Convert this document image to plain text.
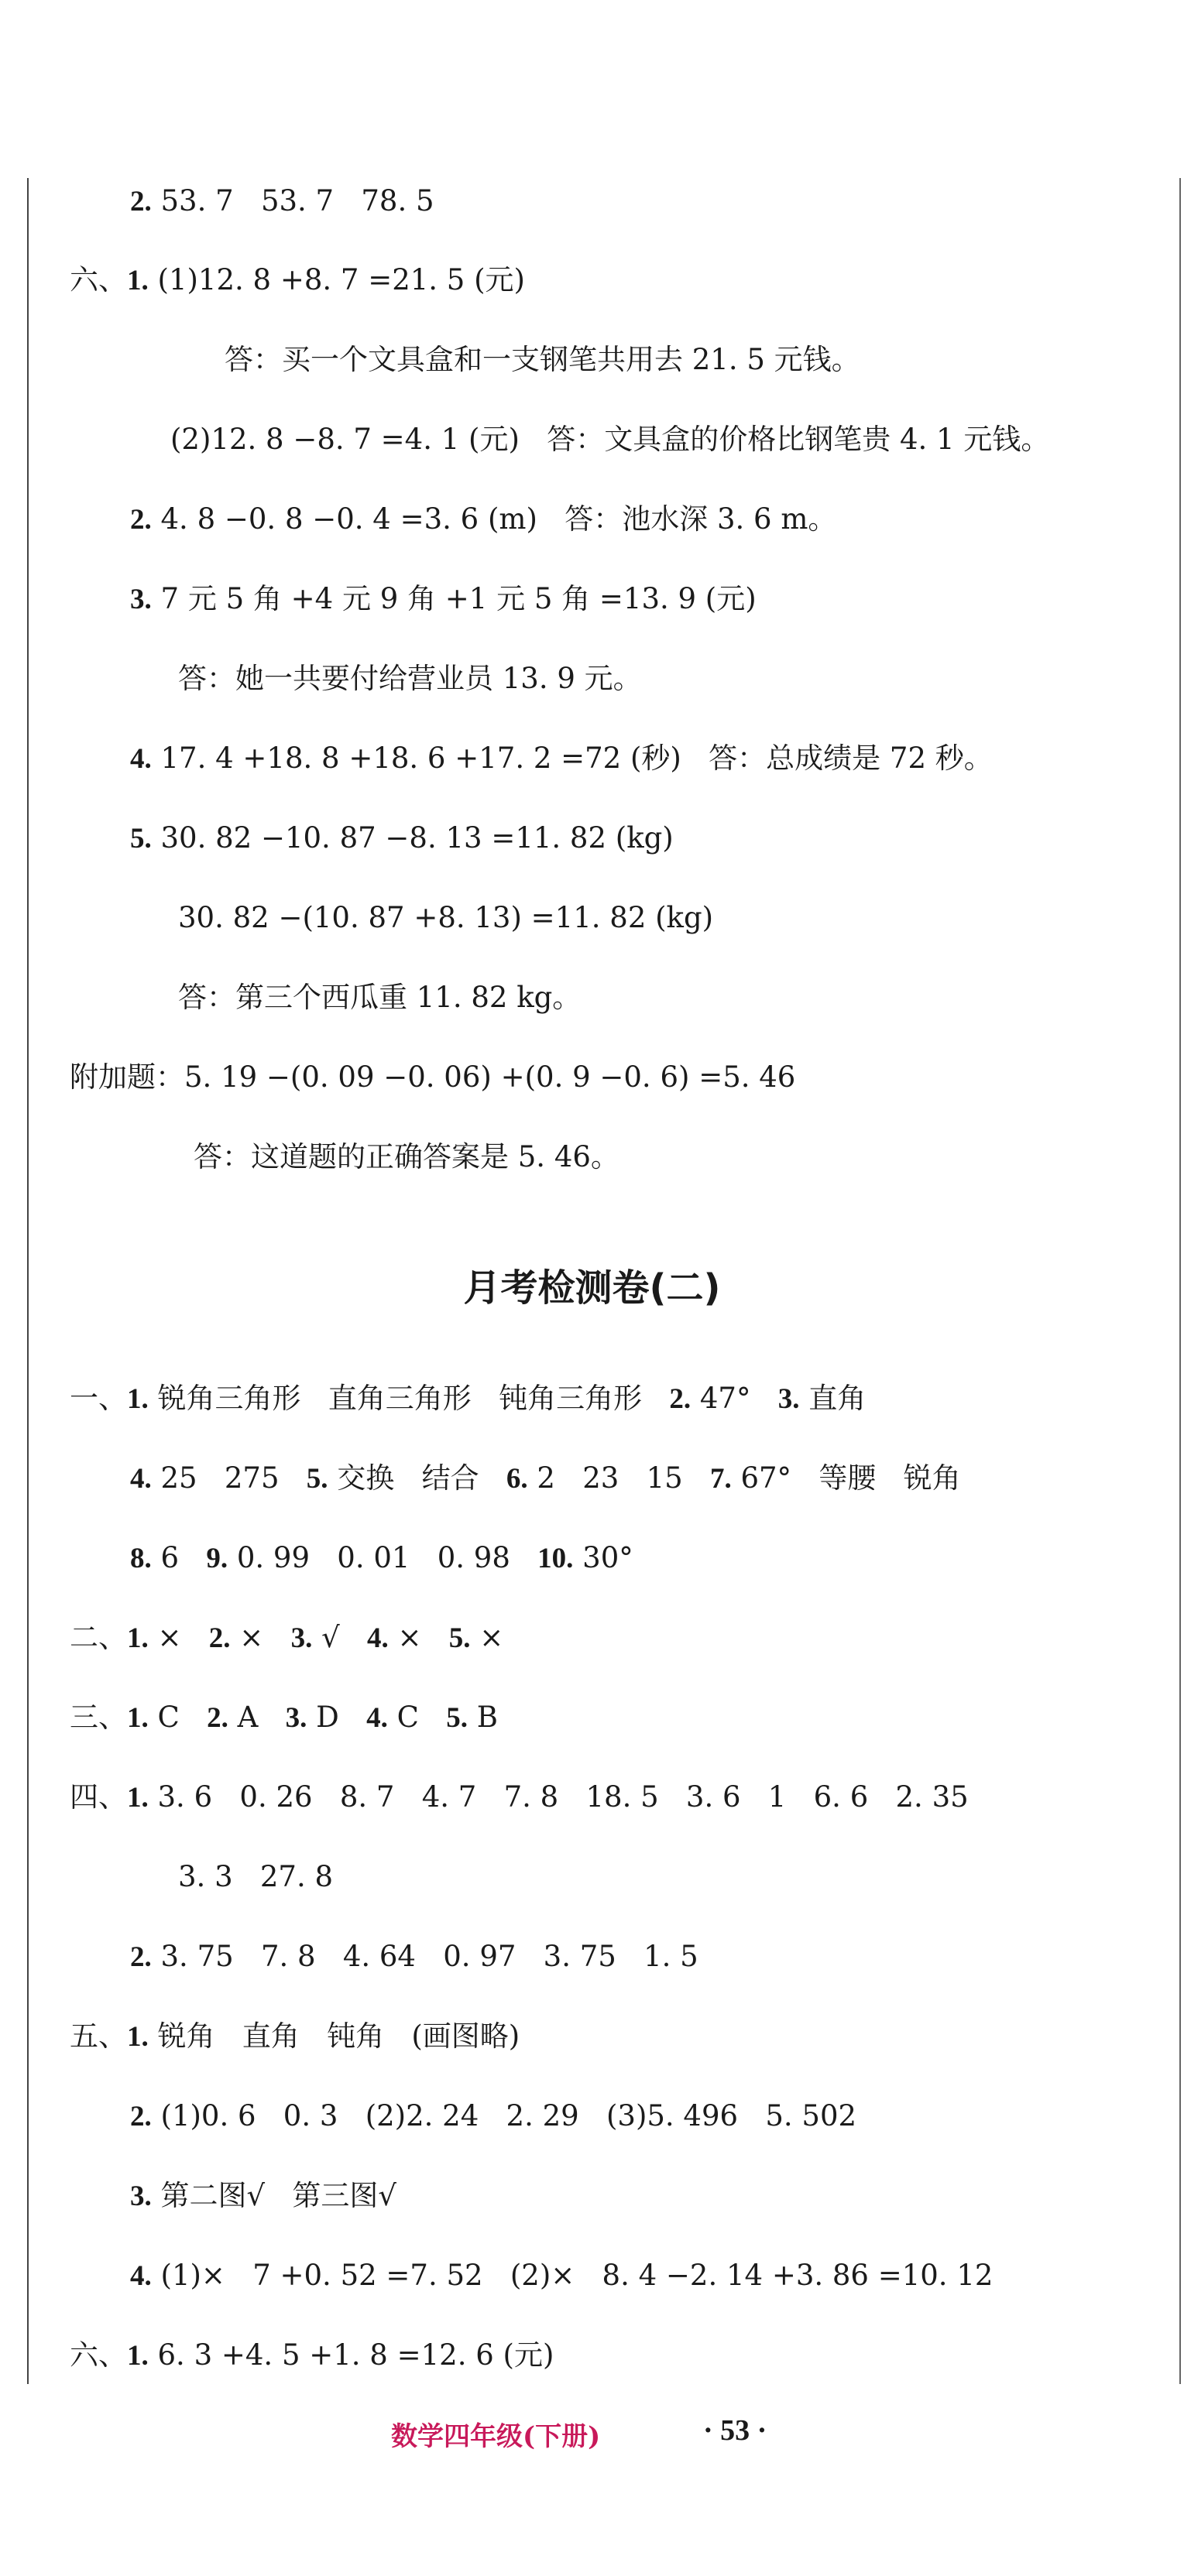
2. 53. 7   53. 7   78. 5
六、1. (1)12. 8 +8. 7 =21. 5 (元)
答：买一个文具盒和一支钢笔共用去 21. 5 元钱。
(2)12. 8 −8. 7 =4. 1 (元)   答：文具盒的价格比钢笔贵 4. 1 元钱。
2. 4. 8 −0. 8 −0. 4 =3. 6 (m)   答：池水深 3. 6 m。
3. 7 元 5 角 +4 元 9 角 +1 元 5 角 =13. 9 (元)
答：她一共要付给营业员 13. 9 元。
4. 17. 4 +18. 8 +18. 6 +17. 2 =72 (秒)   答：总成绩是 72 秒。
5. 30. 82 −10. 87 −8. 13 =11. 82 (kg)
30. 82 −(10. 87 +8. 13) =11. 82 (kg)
答：第三个西瓜重 11. 82 kg。
附加题：5. 19 −(0. 09 −0. 06) +(0. 9 −0. 6) =5. 46
答：这道题的正确答案是 5. 46。
月考检测卷(二)
一、1. 锐角三角形   直角三角形   钝角三角形   2. 47°   3. 直角
4. 25   275   5. 交换   结合   6. 2   23   15   7. 67°   等腰   锐角
8. 6   9. 0. 99   0. 01   0. 98   10. 30°
二、1. ×   2. ×   3. √   4. ×   5. ×
三、1. C   2. A   3. D   4. C   5. B
四、1. 3. 6   0. 26   8. 7   4. 7   7. 8   18. 5   3. 6   1   6. 6   2. 35
3. 3   27. 8
2. 3. 75   7. 8   4. 64   0. 97   3. 75   1. 5
五、1. 锐角   直角   钝角   (画图略)
2. (1)0. 6   0. 3   (2)2. 24   2. 29   (3)5. 496   5. 502
3. 第二图√   第三图√
4. (1)×   7 +0. 52 =7. 52   (2)×   8. 4 −2. 14 +3. 86 =10. 12
六、1. 6. 3 +4. 5 +1. 8 =12. 6 (元)
数学四年级(下册)	· 53 ·
